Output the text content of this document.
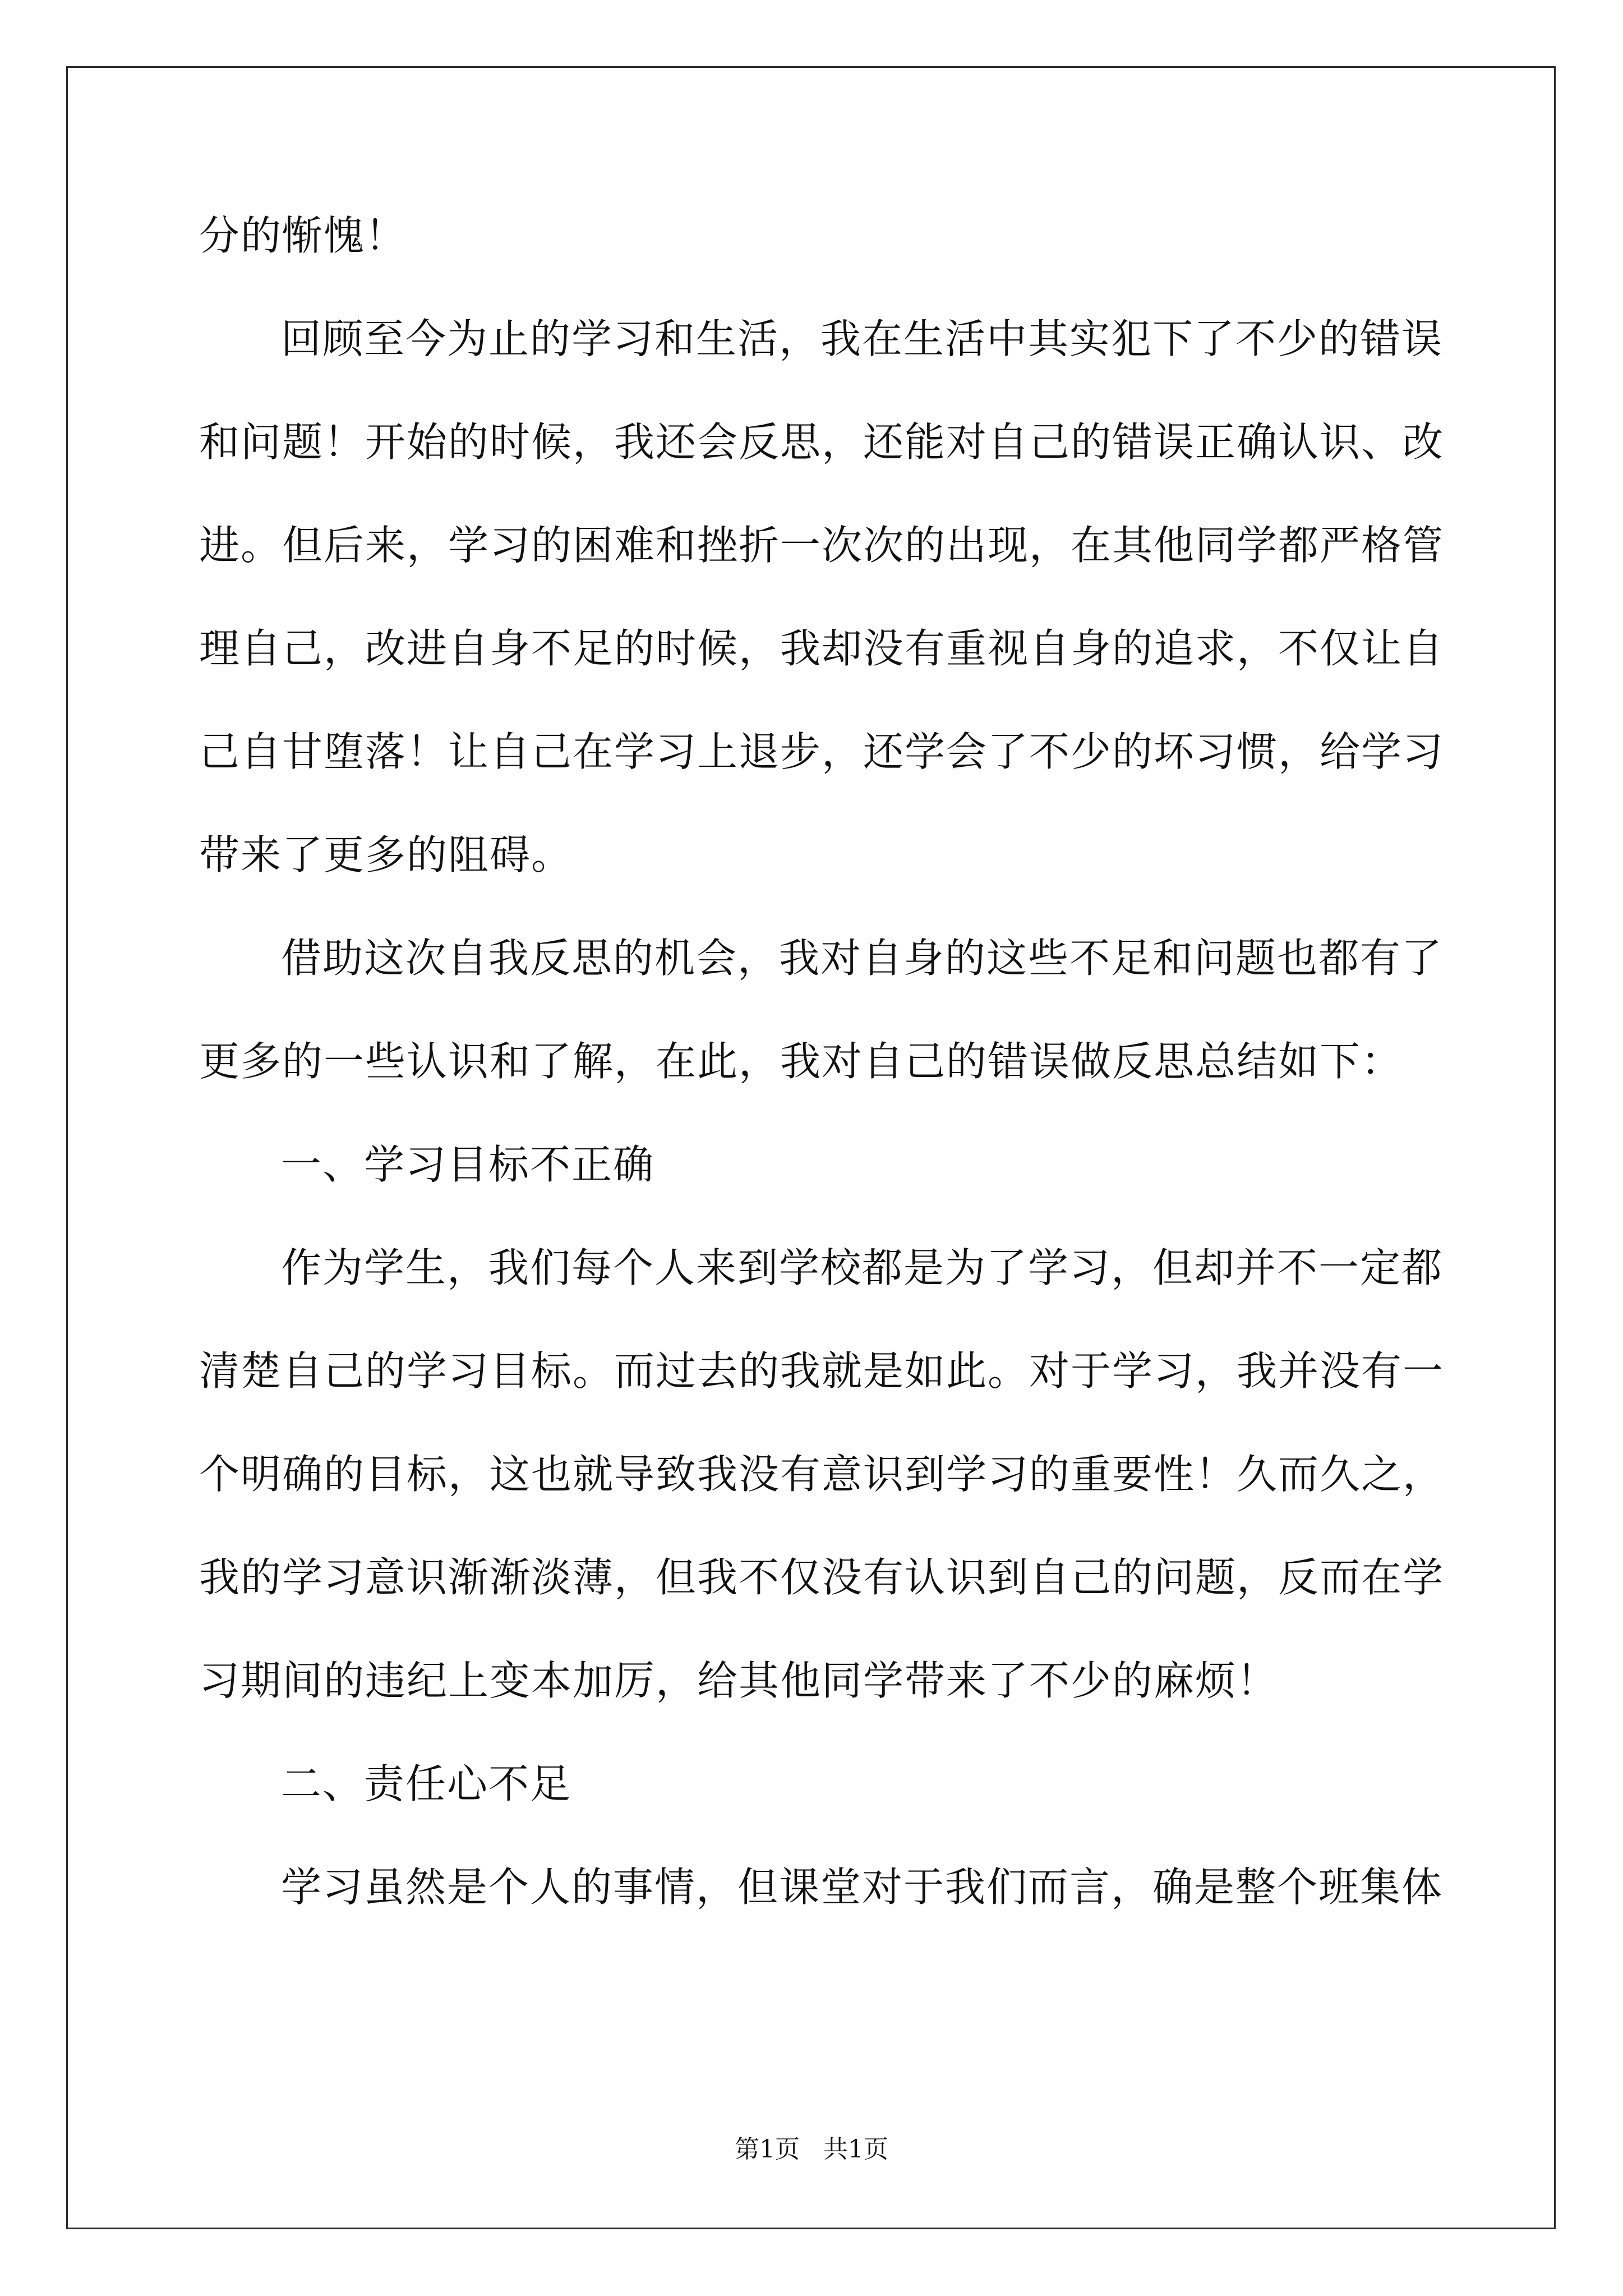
分的惭愧！
回顾至今为止的学习和生活，我在生活中其实犯下了不少的错误
和问题！开始的时候，我还会反思，还能对自己的错误正确认识、改
进。但后来，学习的困难和挫折一次次的出现，在其他同学都严格管
理自己，改进自身不足的时候，我却没有重视自身的追求，不仅让自
己自甘堕落！让自己在学习上退步，还学会了不少的坏习惯，给学习
带来了更多的阻碍。
借助这次自我反思的机会，我对自身的这些不足和问题也都有了
更多的一些认识和了解，在此，我对自己的错误做反思总结如下：
一、学习目标不正确
作为学生，我们每个人来到学校都是为了学习，但却并不一定都
清楚自己的学习目标。而过去的我就是如此。对于学习，我并没有一
个明确的目标，这也就导致我没有意识到学习的重要性！久而久之，
我的学习意识渐渐淡薄，但我不仅没有认识到自己的问题，反而在学
习期间的违纪上变本加厉，给其他同学带来了不少的麻烦！
二、责任心不足
学习虽然是个人的事情，但课堂对于我们而言，确是整个班集体
第1页   共1页
